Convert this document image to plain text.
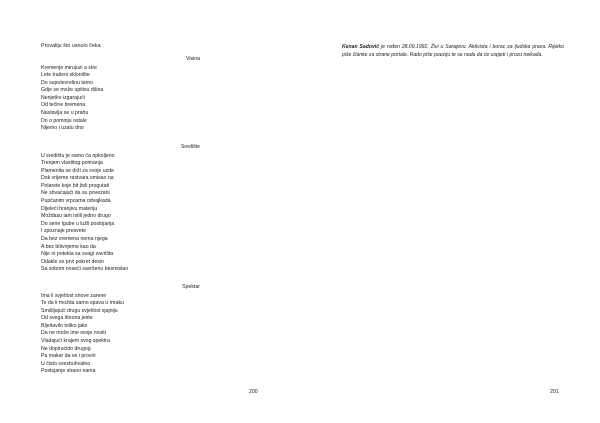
Provaliju što usnulo čeka
Visina
Kremenje mirujuzi a stre
Lete traženi sklonište
Do suputevrelinu tamo
Gdje se može upitisu dšina
Nenjetko izgarajući
Od tečine bremena
Nastavlja se u prahu
Do o pominju ostale
Nijemo i uzalu dno
Središte
U središtu je samo ča opkoljeno
Trenjem vlastitog poimanja
Plamenita se drži za svoje uzde
Dok vrijeme rastvara smisao na
Polarete koje bit želi progutati
Ne shvaćajući da su povezani
Pupčanim vrpcama odvajkada
Dijeleći hranjivu materiju
Moždasu iam istili jedno drugo
Do sene lgube u lužli postojanja
I spoznaje presvete
Da bez vremena nema njega
A bez bitivrijeme kao da
Nije ni potekla sa svagi zavrilita
Odakle se prvi pokret desio
Sa sobom noseći savršenu besmislao
Spektar
Ima li svjetlost snove zarene
Te da li možda samo spava u mraku
Smišljajući drugu svjetlost sjajniju
Od svega štoona jeste
Bljeitavilo toliko jako
Da ne može ime svoje nositi
Vladajući krajem svog spektra
Ne dopirućido drugog
Pa makar da se i proviri
U čisto svesbuhvatno
Postojanje strano nama
200

Kenan Sadović je rođen 28.09.1992. Živi u Sarajevu. Aktivista i borac za ljudska prava. Rijetko piše članke za strane portale. Rado piše poeziju te se nada da će uspjeti i prozu neikada.

201
